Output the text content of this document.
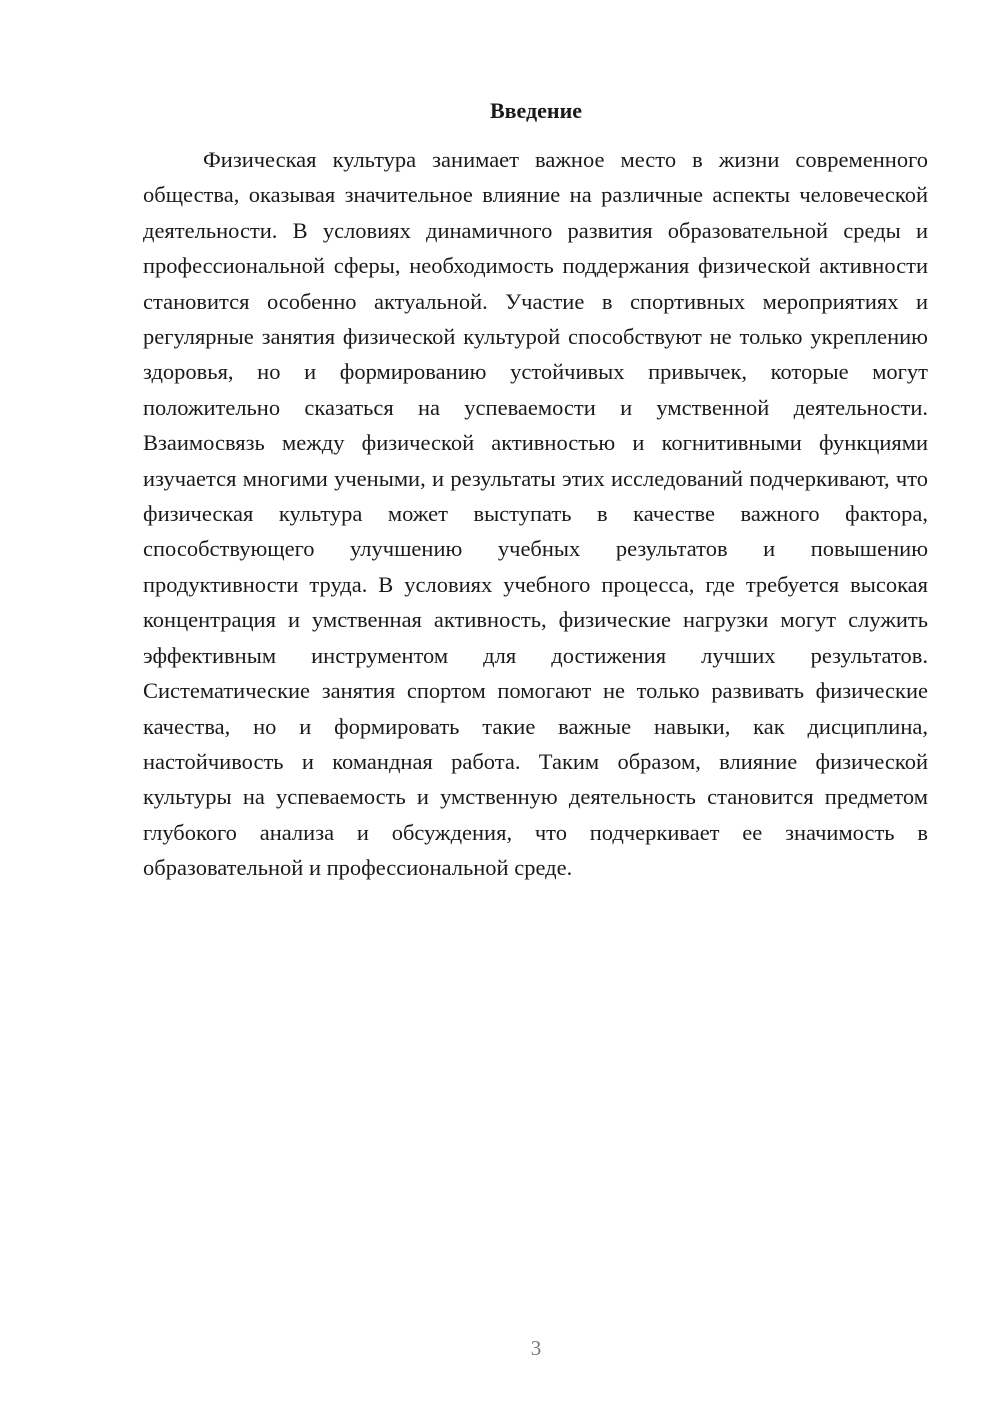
Введение

Физическая культура занимает важное место в жизни современного общества, оказывая значительное влияние на различные аспекты человеческой деятельности. В условиях динамичного развития образовательной среды и профессиональной сферы, необходимость поддержания физической активности становится особенно актуальной. Участие в спортивных мероприятиях и регулярные занятия физической культурой способствуют не только укреплению здоровья, но и формированию устойчивых привычек, которые могут положительно сказаться на успеваемости и умственной деятельности. Взаимосвязь между физической активностью и когнитивными функциями изучается многими учеными, и результаты этих исследований подчеркивают, что физическая культура может выступать в качестве важного фактора, способствующего улучшению учебных результатов и повышению продуктивности труда. В условиях учебного процесса, где требуется высокая концентрация и умственная активность, физические нагрузки могут служить эффективным инструментом для достижения лучших результатов. Систематические занятия спортом помогают не только развивать физические качества, но и формировать такие важные навыки, как дисциплина, настойчивость и командная работа. Таким образом, влияние физической культуры на успеваемость и умственную деятельность становится предметом глубокого анализа и обсуждения, что подчеркивает ее значимость в образовательной и профессиональной среде.

3
